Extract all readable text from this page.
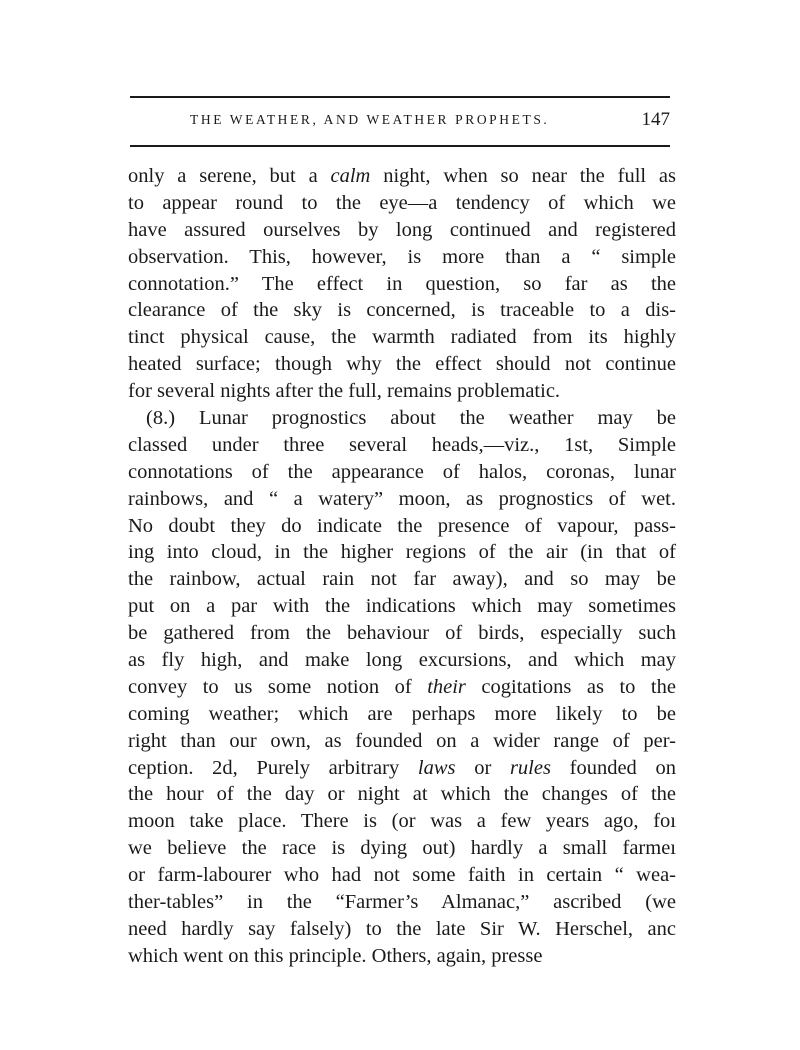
THE WEATHER, AND WEATHER PROPHETS.	147
only a serene, but a calm night, when so near the full as
to appear round to the eye—a tendency of which we
have assured ourselves by long continued and registered
observation. This, however, is more than a “ simple
connotation.” The effect in question, so far as the
clearance of the sky is concerned, is traceable to a dis-
tinct physical cause, the warmth radiated from its highly
heated surface; though why the effect should not continue
for several nights after the full, remains problematic.
(8.) Lunar prognostics about the weather may be
classed under three several heads,—viz., 1st, Simple
connotations of the appearance of halos, coronas, lunar
rainbows, and “ a watery” moon, as prognostics of wet.
No doubt they do indicate the presence of vapour, pass-
ing into cloud, in the higher regions of the air (in that of
the rainbow, actual rain not far away), and so may be
put on a par with the indications which may sometimes
be gathered from the behaviour of birds, especially such
as fly high, and make long excursions, and which may
convey to us some notion of their cogitations as to the
coming weather; which are perhaps more likely to be
right than our own, as founded on a wider range of per-
ception. 2d, Purely arbitrary laws or rules founded on
the hour of the day or night at which the changes of the
moon take place. There is (or was a few years ago, foı
we believe the race is dying out) hardly a small farmeı
or farm-labourer who had not some faith in certain “ wea-
ther-tables” in the “Farmer’s Almanac,” ascribed (we
need hardly say falsely) to the late Sir W. Herschel, anc
which went on this principle. Others, again, presse
